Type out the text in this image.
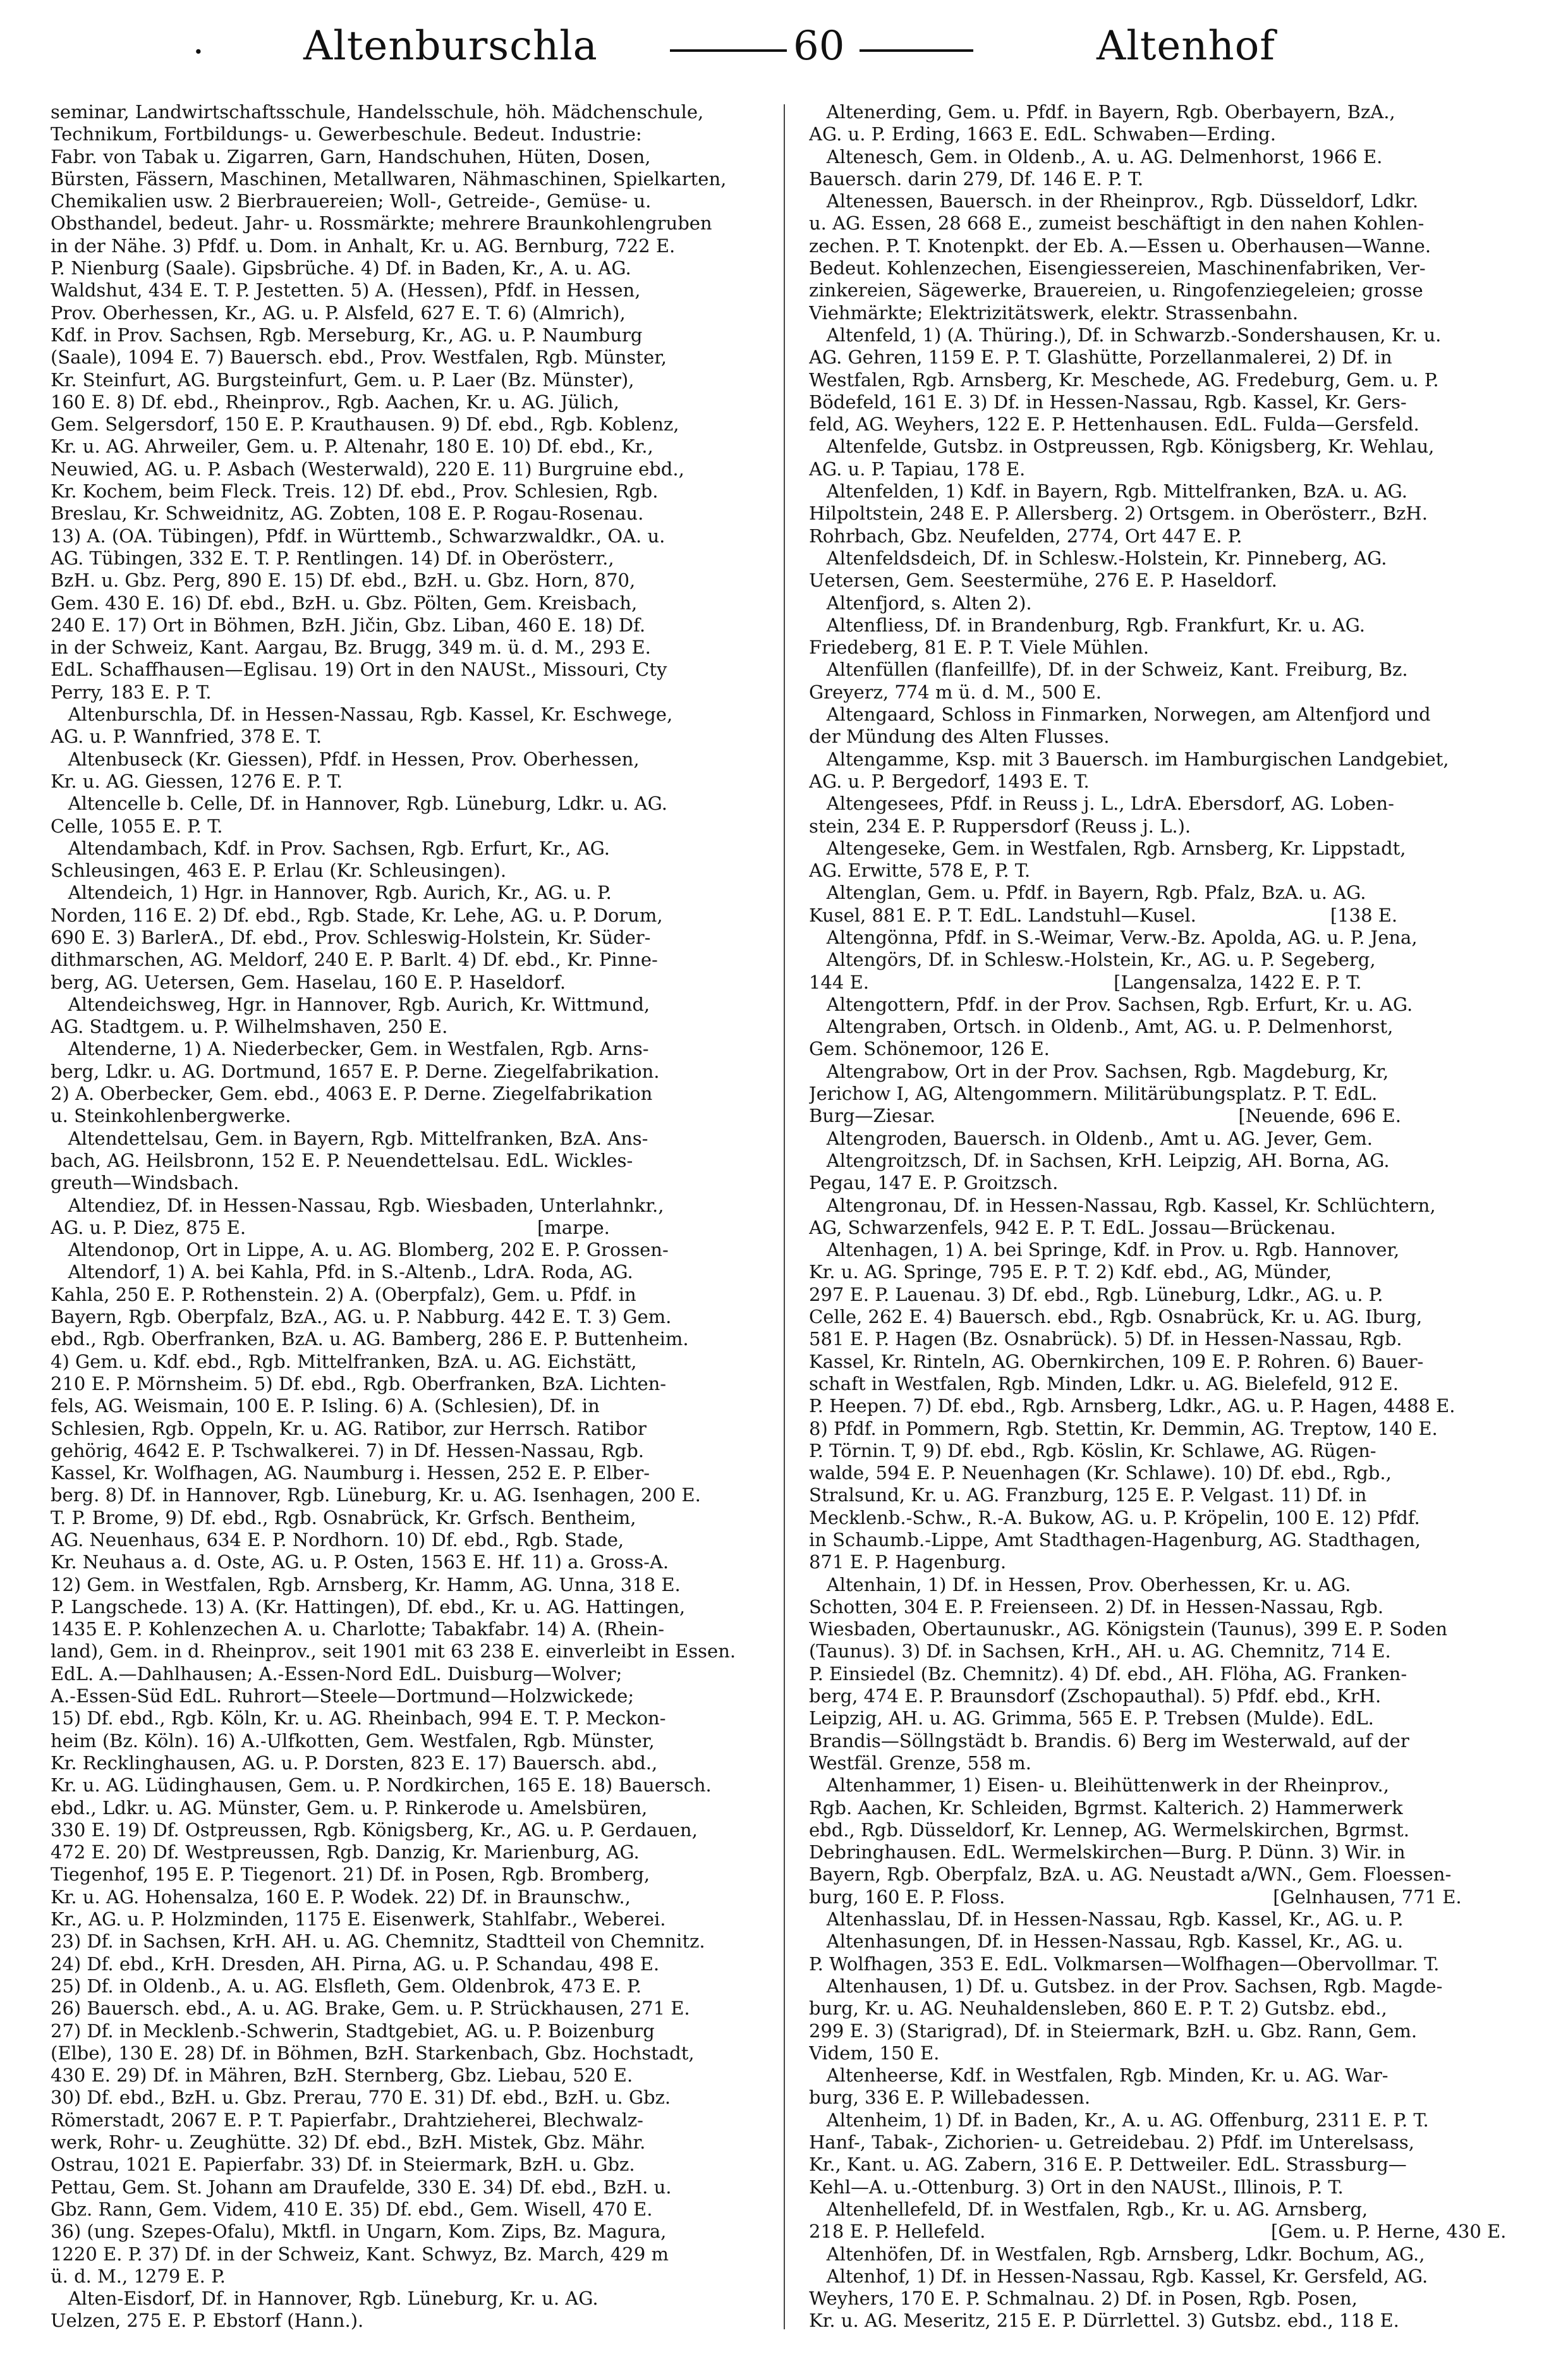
· Altenburschla	60	Altenhof
seminar, Landwirtschaftsschule, Handelsschule, höh. Mädchenschule,
Technikum, Fortbildungs- u. Gewerbeschule. Bedeut. Industrie:
Fabr. von Tabak u. Zigarren, Garn, Handschuhen, Hüten, Dosen,
Bürsten, Fässern, Maschinen, Metallwaren, Nähmaschinen, Spielkarten,
Chemikalien usw. 2 Bierbrauereien; Woll-, Getreide-, Gemüse- u.
Obsthandel, bedeut. Jahr- u. Rossmärkte; mehrere Braunkohlengruben
in der Nähe. 3) Pfdf. u. Dom. in Anhalt, Kr. u. AG. Bernburg, 722 E.
P. Nienburg (Saale). Gipsbrüche. 4) Df. in Baden, Kr., A. u. AG.
Waldshut, 434 E. T. P. Jestetten. 5) A. (Hessen), Pfdf. in Hessen,
Prov. Oberhessen, Kr., AG. u. P. Alsfeld, 627 E. T. 6) (Almrich),
Kdf. in Prov. Sachsen, Rgb. Merseburg, Kr., AG. u. P. Naumburg
(Saale), 1094 E. 7) Bauersch. ebd., Prov. Westfalen, Rgb. Münster,
Kr. Steinfurt, AG. Burgsteinfurt, Gem. u. P. Laer (Bz. Münster),
160 E. 8) Df. ebd., Rheinprov., Rgb. Aachen, Kr. u. AG. Jülich,
Gem. Selgersdorf, 150 E. P. Krauthausen. 9) Df. ebd., Rgb. Koblenz,
Kr. u. AG. Ahrweiler, Gem. u. P. Altenahr, 180 E. 10) Df. ebd., Kr.,
Neuwied, AG. u. P. Asbach (Westerwald), 220 E. 11) Burgruine ebd.,
Kr. Kochem, beim Fleck. Treis. 12) Df. ebd., Prov. Schlesien, Rgb.
Breslau, Kr. Schweidnitz, AG. Zobten, 108 E. P. Rogau-Rosenau.
13) A. (OA. Tübingen), Pfdf. in Württemb., Schwarzwaldkr., OA. u.
AG. Tübingen, 332 E. T. P. Rentlingen. 14) Df. in Oberösterr.,
BzH. u. Gbz. Perg, 890 E. 15) Df. ebd., BzH. u. Gbz. Horn, 870,
Gem. 430 E. 16) Df. ebd., BzH. u. Gbz. Pölten, Gem. Kreisbach,
240 E. 17) Ort in Böhmen, BzH. Jičin, Gbz. Liban, 460 E. 18) Df.
in der Schweiz, Kant. Aargau, Bz. Brugg, 349 m. ü. d. M., 293 E.
EdL. Schaffhausen—Eglisau. 19) Ort in den NAUSt., Missouri, Cty
Perry, 183 E. P. T.
Altenburschla, Df. in Hessen-Nassau, Rgb. Kassel, Kr. Eschwege,
AG. u. P. Wannfried, 378 E. T.
Altenbuseck (Kr. Giessen), Pfdf. in Hessen, Prov. Oberhessen,
Kr. u. AG. Giessen, 1276 E. P. T.
Altencelle b. Celle, Df. in Hannover, Rgb. Lüneburg, Ldkr. u. AG.
Celle, 1055 E. P. T.
Altendambach, Kdf. in Prov. Sachsen, Rgb. Erfurt, Kr., AG.
Schleusingen, 463 E. P. Erlau (Kr. Schleusingen).
Altendeich, 1) Hgr. in Hannover, Rgb. Aurich, Kr., AG. u. P.
Norden, 116 E. 2) Df. ebd., Rgb. Stade, Kr. Lehe, AG. u. P. Dorum,
690 E. 3) BarlerA., Df. ebd., Prov. Schleswig-Holstein, Kr. Süder-
dithmarschen, AG. Meldorf, 240 E. P. Barlt. 4) Df. ebd., Kr. Pinne-
berg, AG. Uetersen, Gem. Haselau, 160 E. P. Haseldorf.
Altendeichsweg, Hgr. in Hannover, Rgb. Aurich, Kr. Wittmund,
AG. Stadtgem. u. P. Wilhelmshaven, 250 E.
Altenderne, 1) A. Niederbecker, Gem. in Westfalen, Rgb. Arns-
berg, Ldkr. u. AG. Dortmund, 1657 E. P. Derne. Ziegelfabrikation.
2) A. Oberbecker, Gem. ebd., 4063 E. P. Derne. Ziegelfabrikation
u. Steinkohlenbergwerke.
Altendettelsau, Gem. in Bayern, Rgb. Mittelfranken, BzA. Ans-
bach, AG. Heilsbronn, 152 E. P. Neuendettelsau. EdL. Wickles-
greuth—Windsbach.
Altendiez, Df. in Hessen-Nassau, Rgb. Wiesbaden, Unterlahnkr.,
AG. u. P. Diez, 875 E.                                                  [marpe.
Altendonop, Ort in Lippe, A. u. AG. Blomberg, 202 E. P. Grossen-
Altendorf, 1) A. bei Kahla, Pfd. in S.-Altenb., LdrA. Roda, AG.
Kahla, 250 E. P. Rothenstein. 2) A. (Oberpfalz), Gem. u. Pfdf. in
Bayern, Rgb. Oberpfalz, BzA., AG. u. P. Nabburg. 442 E. T. 3) Gem.
ebd., Rgb. Oberfranken, BzA. u. AG. Bamberg, 286 E. P. Buttenheim.
4) Gem. u. Kdf. ebd., Rgb. Mittelfranken, BzA. u. AG. Eichstätt,
210 E. P. Mörnsheim. 5) Df. ebd., Rgb. Oberfranken, BzA. Lichten-
fels, AG. Weismain, 100 E. P. Isling. 6) A. (Schlesien), Df. in
Schlesien, Rgb. Oppeln, Kr. u. AG. Ratibor, zur Herrsch. Ratibor
gehörig, 4642 E. P. Tschwalkerei. 7) in Df. Hessen-Nassau, Rgb.
Kassel, Kr. Wolfhagen, AG. Naumburg i. Hessen, 252 E. P. Elber-
berg. 8) Df. in Hannover, Rgb. Lüneburg, Kr. u. AG. Isenhagen, 200 E.
T. P. Brome, 9) Df. ebd., Rgb. Osnabrück, Kr. Grfsch. Bentheim,
AG. Neuenhaus, 634 E. P. Nordhorn. 10) Df. ebd., Rgb. Stade,
Kr. Neuhaus a. d. Oste, AG. u. P. Osten, 1563 E. Hf. 11) a. Gross-A.
12) Gem. in Westfalen, Rgb. Arnsberg, Kr. Hamm, AG. Unna, 318 E.
P. Langschede. 13) A. (Kr. Hattingen), Df. ebd., Kr. u. AG. Hattingen,
1435 E. P. Kohlenzechen A. u. Charlotte; Tabakfabr. 14) A. (Rhein-
land), Gem. in d. Rheinprov., seit 1901 mit 63 238 E. einverleibt in Essen.
EdL. A.—Dahlhausen; A.-Essen-Nord EdL. Duisburg—Wolver;
A.-Essen-Süd EdL. Ruhrort—Steele—Dortmund—Holzwickede;
15) Df. ebd., Rgb. Köln, Kr. u. AG. Rheinbach, 994 E. T. P. Meckon-
heim (Bz. Köln). 16) A.-Ulfkotten, Gem. Westfalen, Rgb. Münster,
Kr. Recklinghausen, AG. u. P. Dorsten, 823 E. 17) Bauersch. abd.,
Kr. u. AG. Lüdinghausen, Gem. u. P. Nordkirchen, 165 E. 18) Bauersch.
ebd., Ldkr. u. AG. Münster, Gem. u. P. Rinkerode u. Amelsbüren,
330 E. 19) Df. Ostpreussen, Rgb. Königsberg, Kr., AG. u. P. Gerdauen,
472 E. 20) Df. Westpreussen, Rgb. Danzig, Kr. Marienburg, AG.
Tiegenhof, 195 E. P. Tiegenort. 21) Df. in Posen, Rgb. Bromberg,
Kr. u. AG. Hohensalza, 160 E. P. Wodek. 22) Df. in Braunschw.,
Kr., AG. u. P. Holzminden, 1175 E. Eisenwerk, Stahlfabr., Weberei.
23) Df. in Sachsen, KrH. AH. u. AG. Chemnitz, Stadtteil von Chemnitz.
24) Df. ebd., KrH. Dresden, AH. Pirna, AG. u. P. Schandau, 498 E.
25) Df. in Oldenb., A. u. AG. Elsfleth, Gem. Oldenbrok, 473 E. P.
26) Bauersch. ebd., A. u. AG. Brake, Gem. u. P. Strückhausen, 271 E.
27) Df. in Mecklenb.-Schwerin, Stadtgebiet, AG. u. P. Boizenburg
(Elbe), 130 E. 28) Df. in Böhmen, BzH. Starkenbach, Gbz. Hochstadt,
430 E. 29) Df. in Mähren, BzH. Sternberg, Gbz. Liebau, 520 E.
30) Df. ebd., BzH. u. Gbz. Prerau, 770 E. 31) Df. ebd., BzH. u. Gbz.
Römerstadt, 2067 E. P. T. Papierfabr., Drahtzieherei, Blechwalz-
werk, Rohr- u. Zeughütte. 32) Df. ebd., BzH. Mistek, Gbz. Mähr.
Ostrau, 1021 E. Papierfabr. 33) Df. in Steiermark, BzH. u. Gbz.
Pettau, Gem. St. Johann am Draufelde, 330 E. 34) Df. ebd., BzH. u.
Gbz. Rann, Gem. Videm, 410 E. 35) Df. ebd., Gem. Wisell, 470 E.
36) (ung. Szepes-Ofalu), Mktfl. in Ungarn, Kom. Zips, Bz. Magura,
1220 E. P. 37) Df. in der Schweiz, Kant. Schwyz, Bz. March, 429 m
ü. d. M., 1279 E. P.
Alten-Eisdorf, Df. in Hannover, Rgb. Lüneburg, Kr. u. AG.
Uelzen, 275 E. P. Ebstorf (Hann.).
Altenerding, Gem. u. Pfdf. in Bayern, Rgb. Oberbayern, BzA.,
AG. u. P. Erding, 1663 E. EdL. Schwaben—Erding.
Altenesch, Gem. in Oldenb., A. u. AG. Delmenhorst, 1966 E.
Bauersch. darin 279, Df. 146 E. P. T.
Altenessen, Bauersch. in der Rheinprov., Rgb. Düsseldorf, Ldkr.
u. AG. Essen, 28 668 E., zumeist beschäftigt in den nahen Kohlen-
zechen. P. T. Knotenpkt. der Eb. A.—Essen u. Oberhausen—Wanne.
Bedeut. Kohlenzechen, Eisengiessereien, Maschinenfabriken, Ver-
zinkereien, Sägewerke, Brauereien, u. Ringofenziegeleien; grosse
Viehmärkte; Elektrizitätswerk, elektr. Strassenbahn.
Altenfeld, 1) (A. Thüring.), Df. in Schwarzb.-Sondershausen, Kr. u.
AG. Gehren, 1159 E. P. T. Glashütte, Porzellanmalerei, 2) Df. in
Westfalen, Rgb. Arnsberg, Kr. Meschede, AG. Fredeburg, Gem. u. P.
Bödefeld, 161 E. 3) Df. in Hessen-Nassau, Rgb. Kassel, Kr. Gers-
feld, AG. Weyhers, 122 E. P. Hettenhausen. EdL. Fulda—Gersfeld.
Altenfelde, Gutsbz. in Ostpreussen, Rgb. Königsberg, Kr. Wehlau,
AG. u. P. Tapiau, 178 E.
Altenfelden, 1) Kdf. in Bayern, Rgb. Mittelfranken, BzA. u. AG.
Hilpoltstein, 248 E. P. Allersberg. 2) Ortsgem. in Oberösterr., BzH.
Rohrbach, Gbz. Neufelden, 2774, Ort 447 E. P.
Altenfeldsdeich, Df. in Schlesw.-Holstein, Kr. Pinneberg, AG.
Uetersen, Gem. Seestermühe, 276 E. P. Haseldorf.
Altenfjord, s. Alten 2).
Altenfliess, Df. in Brandenburg, Rgb. Frankfurt, Kr. u. AG.
Friedeberg, 81 E. P. T. Viele Mühlen.
Altenfüllen (flanfeillfe), Df. in der Schweiz, Kant. Freiburg, Bz.
Greyerz, 774 m ü. d. M., 500 E.
Altengaard, Schloss in Finmarken, Norwegen, am Altenfjord und
der Mündung des Alten Flusses.
Altengamme, Ksp. mit 3 Bauersch. im Hamburgischen Landgebiet,
AG. u. P. Bergedorf, 1493 E. T.
Altengesees, Pfdf. in Reuss j. L., LdrA. Ebersdorf, AG. Loben-
stein, 234 E. P. Ruppersdorf (Reuss j. L.).
Altengeseke, Gem. in Westfalen, Rgb. Arnsberg, Kr. Lippstadt,
AG. Erwitte, 578 E, P. T.
Altenglan, Gem. u. Pfdf. in Bayern, Rgb. Pfalz, BzA. u. AG.
Kusel, 881 E. P. T. EdL. Landstuhl—Kusel.                       [138 E.
Altengönna, Pfdf. in S.-Weimar, Verw.-Bz. Apolda, AG. u. P. Jena,
Altengörs, Df. in Schlesw.-Holstein, Kr., AG. u. P. Segeberg,
144 E.                                          [Langensalza, 1422 E. P. T.
Altengottern, Pfdf. in der Prov. Sachsen, Rgb. Erfurt, Kr. u. AG.
Altengraben, Ortsch. in Oldenb., Amt, AG. u. P. Delmenhorst,
Gem. Schönemoor, 126 E.
Altengrabow, Ort in der Prov. Sachsen, Rgb. Magdeburg, Kr,
Jerichow I, AG, Altengommern. Militärübungsplatz. P. T. EdL.
Burg—Ziesar.                                                    [Neuende, 696 E.
Altengroden, Bauersch. in Oldenb., Amt u. AG. Jever, Gem.
Altengroitzsch, Df. in Sachsen, KrH. Leipzig, AH. Borna, AG.
Pegau, 147 E. P. Groitzsch.
Altengronau, Df. in Hessen-Nassau, Rgb. Kassel, Kr. Schlüchtern,
AG, Schwarzenfels, 942 E. P. T. EdL. Jossau—Brückenau.
Altenhagen, 1) A. bei Springe, Kdf. in Prov. u. Rgb. Hannover,
Kr. u. AG. Springe, 795 E. P. T. 2) Kdf. ebd., AG, Münder,
297 E. P. Lauenau. 3) Df. ebd., Rgb. Lüneburg, Ldkr., AG. u. P.
Celle, 262 E. 4) Bauersch. ebd., Rgb. Osnabrück, Kr. u. AG. Iburg,
581 E. P. Hagen (Bz. Osnabrück). 5) Df. in Hessen-Nassau, Rgb.
Kassel, Kr. Rinteln, AG. Obernkirchen, 109 E. P. Rohren. 6) Bauer-
schaft in Westfalen, Rgb. Minden, Ldkr. u. AG. Bielefeld, 912 E.
P. Heepen. 7) Df. ebd., Rgb. Arnsberg, Ldkr., AG. u. P. Hagen, 4488 E.
8) Pfdf. in Pommern, Rgb. Stettin, Kr. Demmin, AG. Treptow, 140 E.
P. Törnin. T, 9) Df. ebd., Rgb. Köslin, Kr. Schlawe, AG. Rügen-
walde, 594 E. P. Neuenhagen (Kr. Schlawe). 10) Df. ebd., Rgb.,
Stralsund, Kr. u. AG. Franzburg, 125 E. P. Velgast. 11) Df. in
Mecklenb.-Schw., R.-A. Bukow, AG. u. P. Kröpelin, 100 E. 12) Pfdf.
in Schaumb.-Lippe, Amt Stadthagen-Hagenburg, AG. Stadthagen,
871 E. P. Hagenburg.
Altenhain, 1) Df. in Hessen, Prov. Oberhessen, Kr. u. AG.
Schotten, 304 E. P. Freienseen. 2) Df. in Hessen-Nassau, Rgb.
Wiesbaden, Obertaunuskr., AG. Königstein (Taunus), 399 E. P. Soden
(Taunus). 3) Df. in Sachsen, KrH., AH. u. AG. Chemnitz, 714 E.
P. Einsiedel (Bz. Chemnitz). 4) Df. ebd., AH. Flöha, AG. Franken-
berg, 474 E. P. Braunsdorf (Zschopauthal). 5) Pfdf. ebd., KrH.
Leipzig, AH. u. AG. Grimma, 565 E. P. Trebsen (Mulde). EdL.
Brandis—Söllngstädt b. Brandis. 6) Berg im Westerwald, auf der
Westfäl. Grenze, 558 m.
Altenhammer, 1) Eisen- u. Bleihüttenwerk in der Rheinprov.,
Rgb. Aachen, Kr. Schleiden, Bgrmst. Kalterich. 2) Hammerwerk
ebd., Rgb. Düsseldorf, Kr. Lennep, AG. Wermelskirchen, Bgrmst.
Debringhausen. EdL. Wermelskirchen—Burg. P. Dünn. 3) Wir. in
Bayern, Rgb. Oberpfalz, BzA. u. AG. Neustadt a/WN., Gem. Floessen-
burg, 160 E. P. Floss.                                              [Gelnhausen, 771 E.
Altenhasslau, Df. in Hessen-Nassau, Rgb. Kassel, Kr., AG. u. P.
Altenhasungen, Df. in Hessen-Nassau, Rgb. Kassel, Kr., AG. u.
P. Wolfhagen, 353 E. EdL. Volkmarsen—Wolfhagen—Obervollmar. T.
Altenhausen, 1) Df. u. Gutsbez. in der Prov. Sachsen, Rgb. Magde-
burg, Kr. u. AG. Neuhaldensleben, 860 E. P. T. 2) Gutsbz. ebd.,
299 E. 3) (Starigrad), Df. in Steiermark, BzH. u. Gbz. Rann, Gem.
Videm, 150 E.
Altenheerse, Kdf. in Westfalen, Rgb. Minden, Kr. u. AG. War-
burg, 336 E. P. Willebadessen.
Altenheim, 1) Df. in Baden, Kr., A. u. AG. Offenburg, 2311 E. P. T.
Hanf-, Tabak-, Zichorien- u. Getreidebau. 2) Pfdf. im Unterelsass,
Kr., Kant. u. AG. Zabern, 316 E. P. Dettweiler. EdL. Strassburg—
Kehl—A. u.-Ottenburg. 3) Ort in den NAUSt., Illinois, P. T.
Altenhellefeld, Df. in Westfalen, Rgb., Kr. u. AG. Arnsberg,
218 E. P. Hellefeld.                                                 [Gem. u. P. Herne, 430 E.
Altenhöfen, Df. in Westfalen, Rgb. Arnsberg, Ldkr. Bochum, AG.,
Altenhof, 1) Df. in Hessen-Nassau, Rgb. Kassel, Kr. Gersfeld, AG.
Weyhers, 170 E. P. Schmalnau. 2) Df. in Posen, Rgb. Posen,
Kr. u. AG. Meseritz, 215 E. P. Dürrlettel. 3) Gutsbz. ebd., 118 E.
